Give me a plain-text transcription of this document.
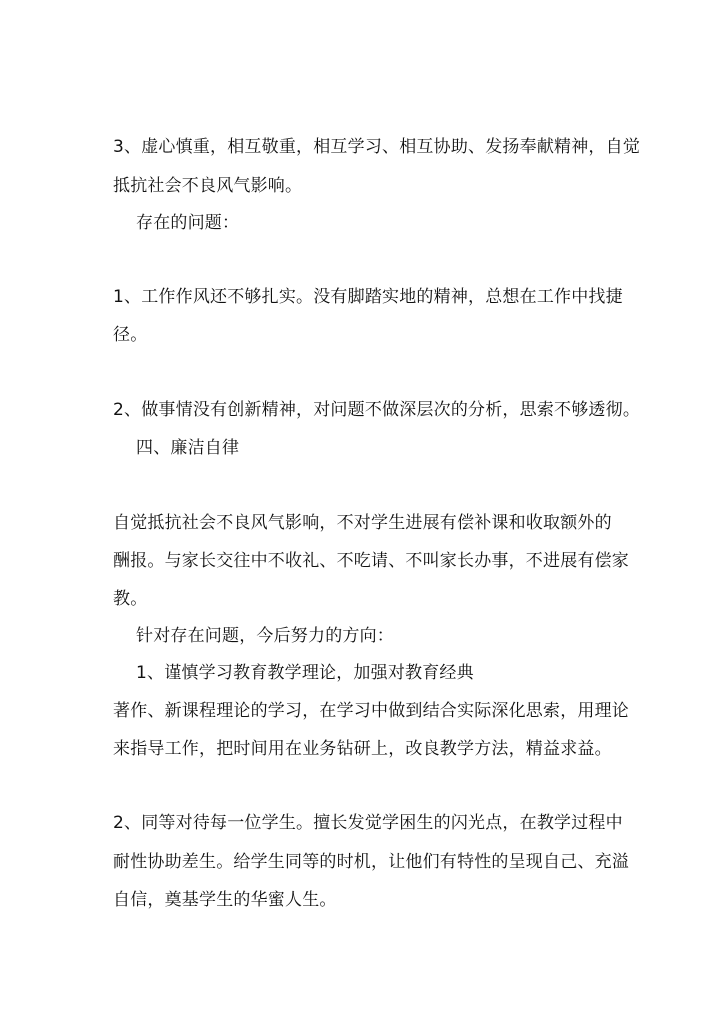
3、虚心慎重，相互敬重，相互学习、相互协助、发扬奉献精神，自觉
抵抗社会不良风气影响。
存在的问题：
1、工作作风还不够扎实。没有脚踏实地的精神，总想在工作中找捷
径。
2、做事情没有创新精神，对问题不做深层次的分析，思索不够透彻。
四、廉洁自律
自觉抵抗社会不良风气影响，不对学生进展有偿补课和收取额外的
酬报。与家长交往中不收礼、不吃请、不叫家长办事，不进展有偿家
教。
针对存在问题，今后努力的方向：
1、谨慎学习教育教学理论，加强对教育经典
著作、新课程理论的学习，在学习中做到结合实际深化思索，用理论
来指导工作，把时间用在业务钻研上，改良教学方法，精益求益。
2、同等对待每一位学生。擅长发觉学困生的闪光点，在教学过程中
耐性协助差生。给学生同等的时机，让他们有特性的呈现自己、充溢
自信，奠基学生的华蜜人生。
